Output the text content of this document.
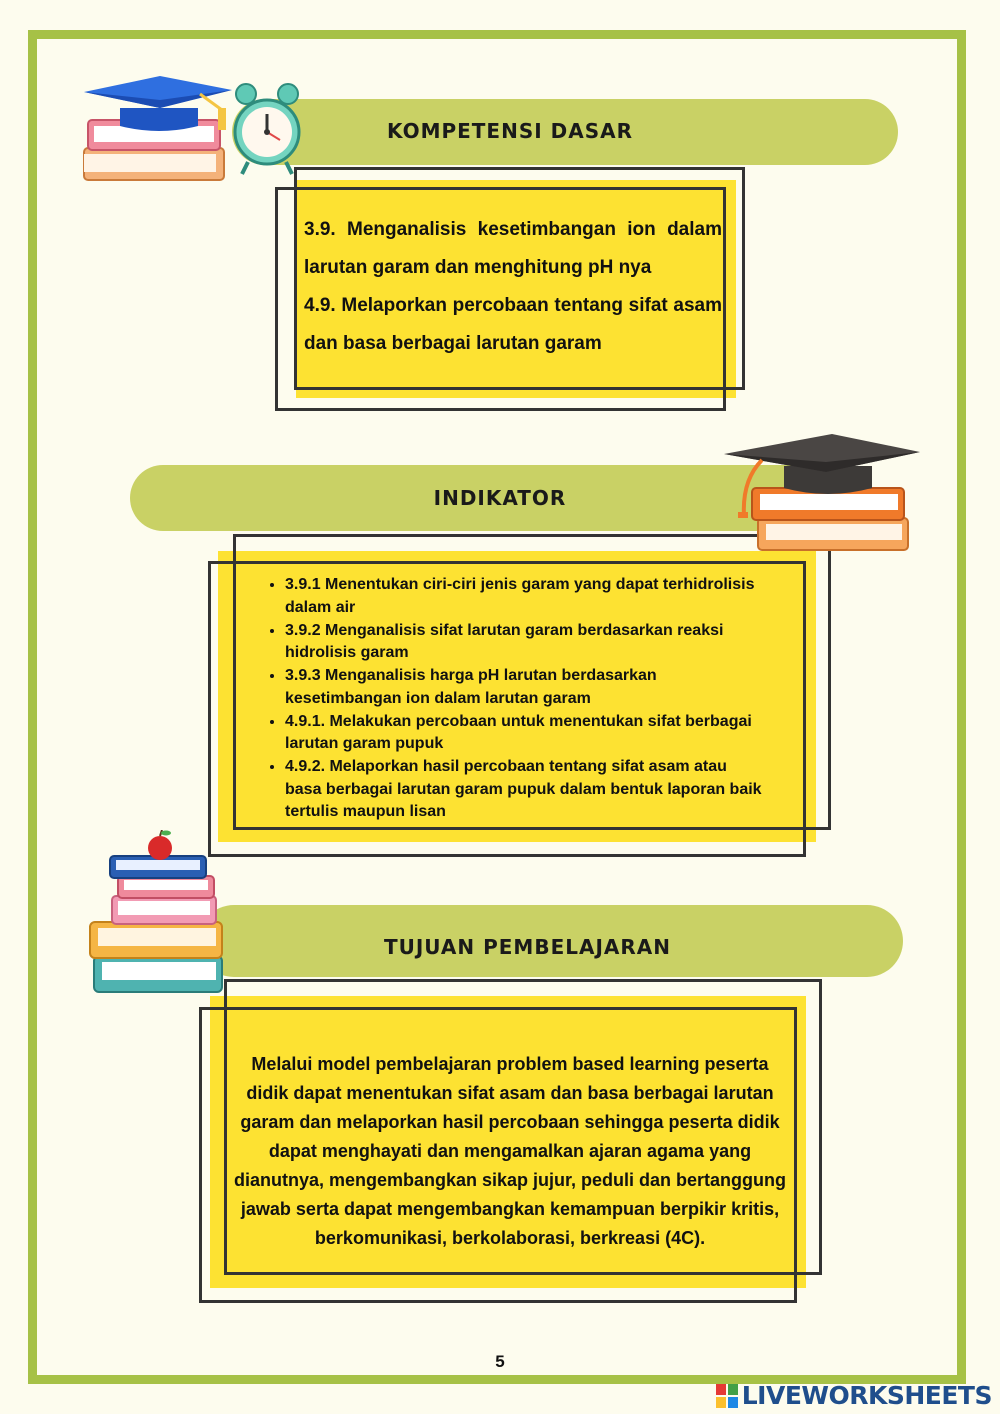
KOMPETENSI DASAR

3.9. Menganalisis kesetimbangan ion dalam larutan garam dan menghitung pH nya

4.9. Melaporkan percobaan tentang sifat asam dan basa berbagai larutan garam

INDIKATOR
• 3.9.1 Menentukan ciri-ciri jenis garam yang dapat terhidrolisis dalam air
• 3.9.2 Menganalisis sifat larutan garam berdasarkan reaksi hidrolisis garam
• 3.9.3 Menganalisis harga pH larutan berdasarkan kesetimbangan ion dalam larutan garam
• 4.9.1. Melakukan percobaan untuk menentukan sifat berbagai larutan garam pupuk
• 4.9.2. Melaporkan hasil percobaan tentang sifat asam atau basa berbagai larutan garam pupuk dalam bentuk laporan baik tertulis maupun lisan
TUJUAN PEMBELAJARAN
Melalui model pembelajaran problem based learning peserta didik dapat menentukan sifat asam dan basa berbagai larutan garam dan melaporkan hasil percobaan sehingga peserta didik dapat menghayati dan mengamalkan ajaran agama yang dianutnya, mengembangkan sikap jujur, peduli dan bertanggung jawab serta dapat mengembangkan kemampuan berpikir kritis, berkomunikasi, berkolaborasi, berkreasi (4C).
5
LIVEWORKSHEETS
